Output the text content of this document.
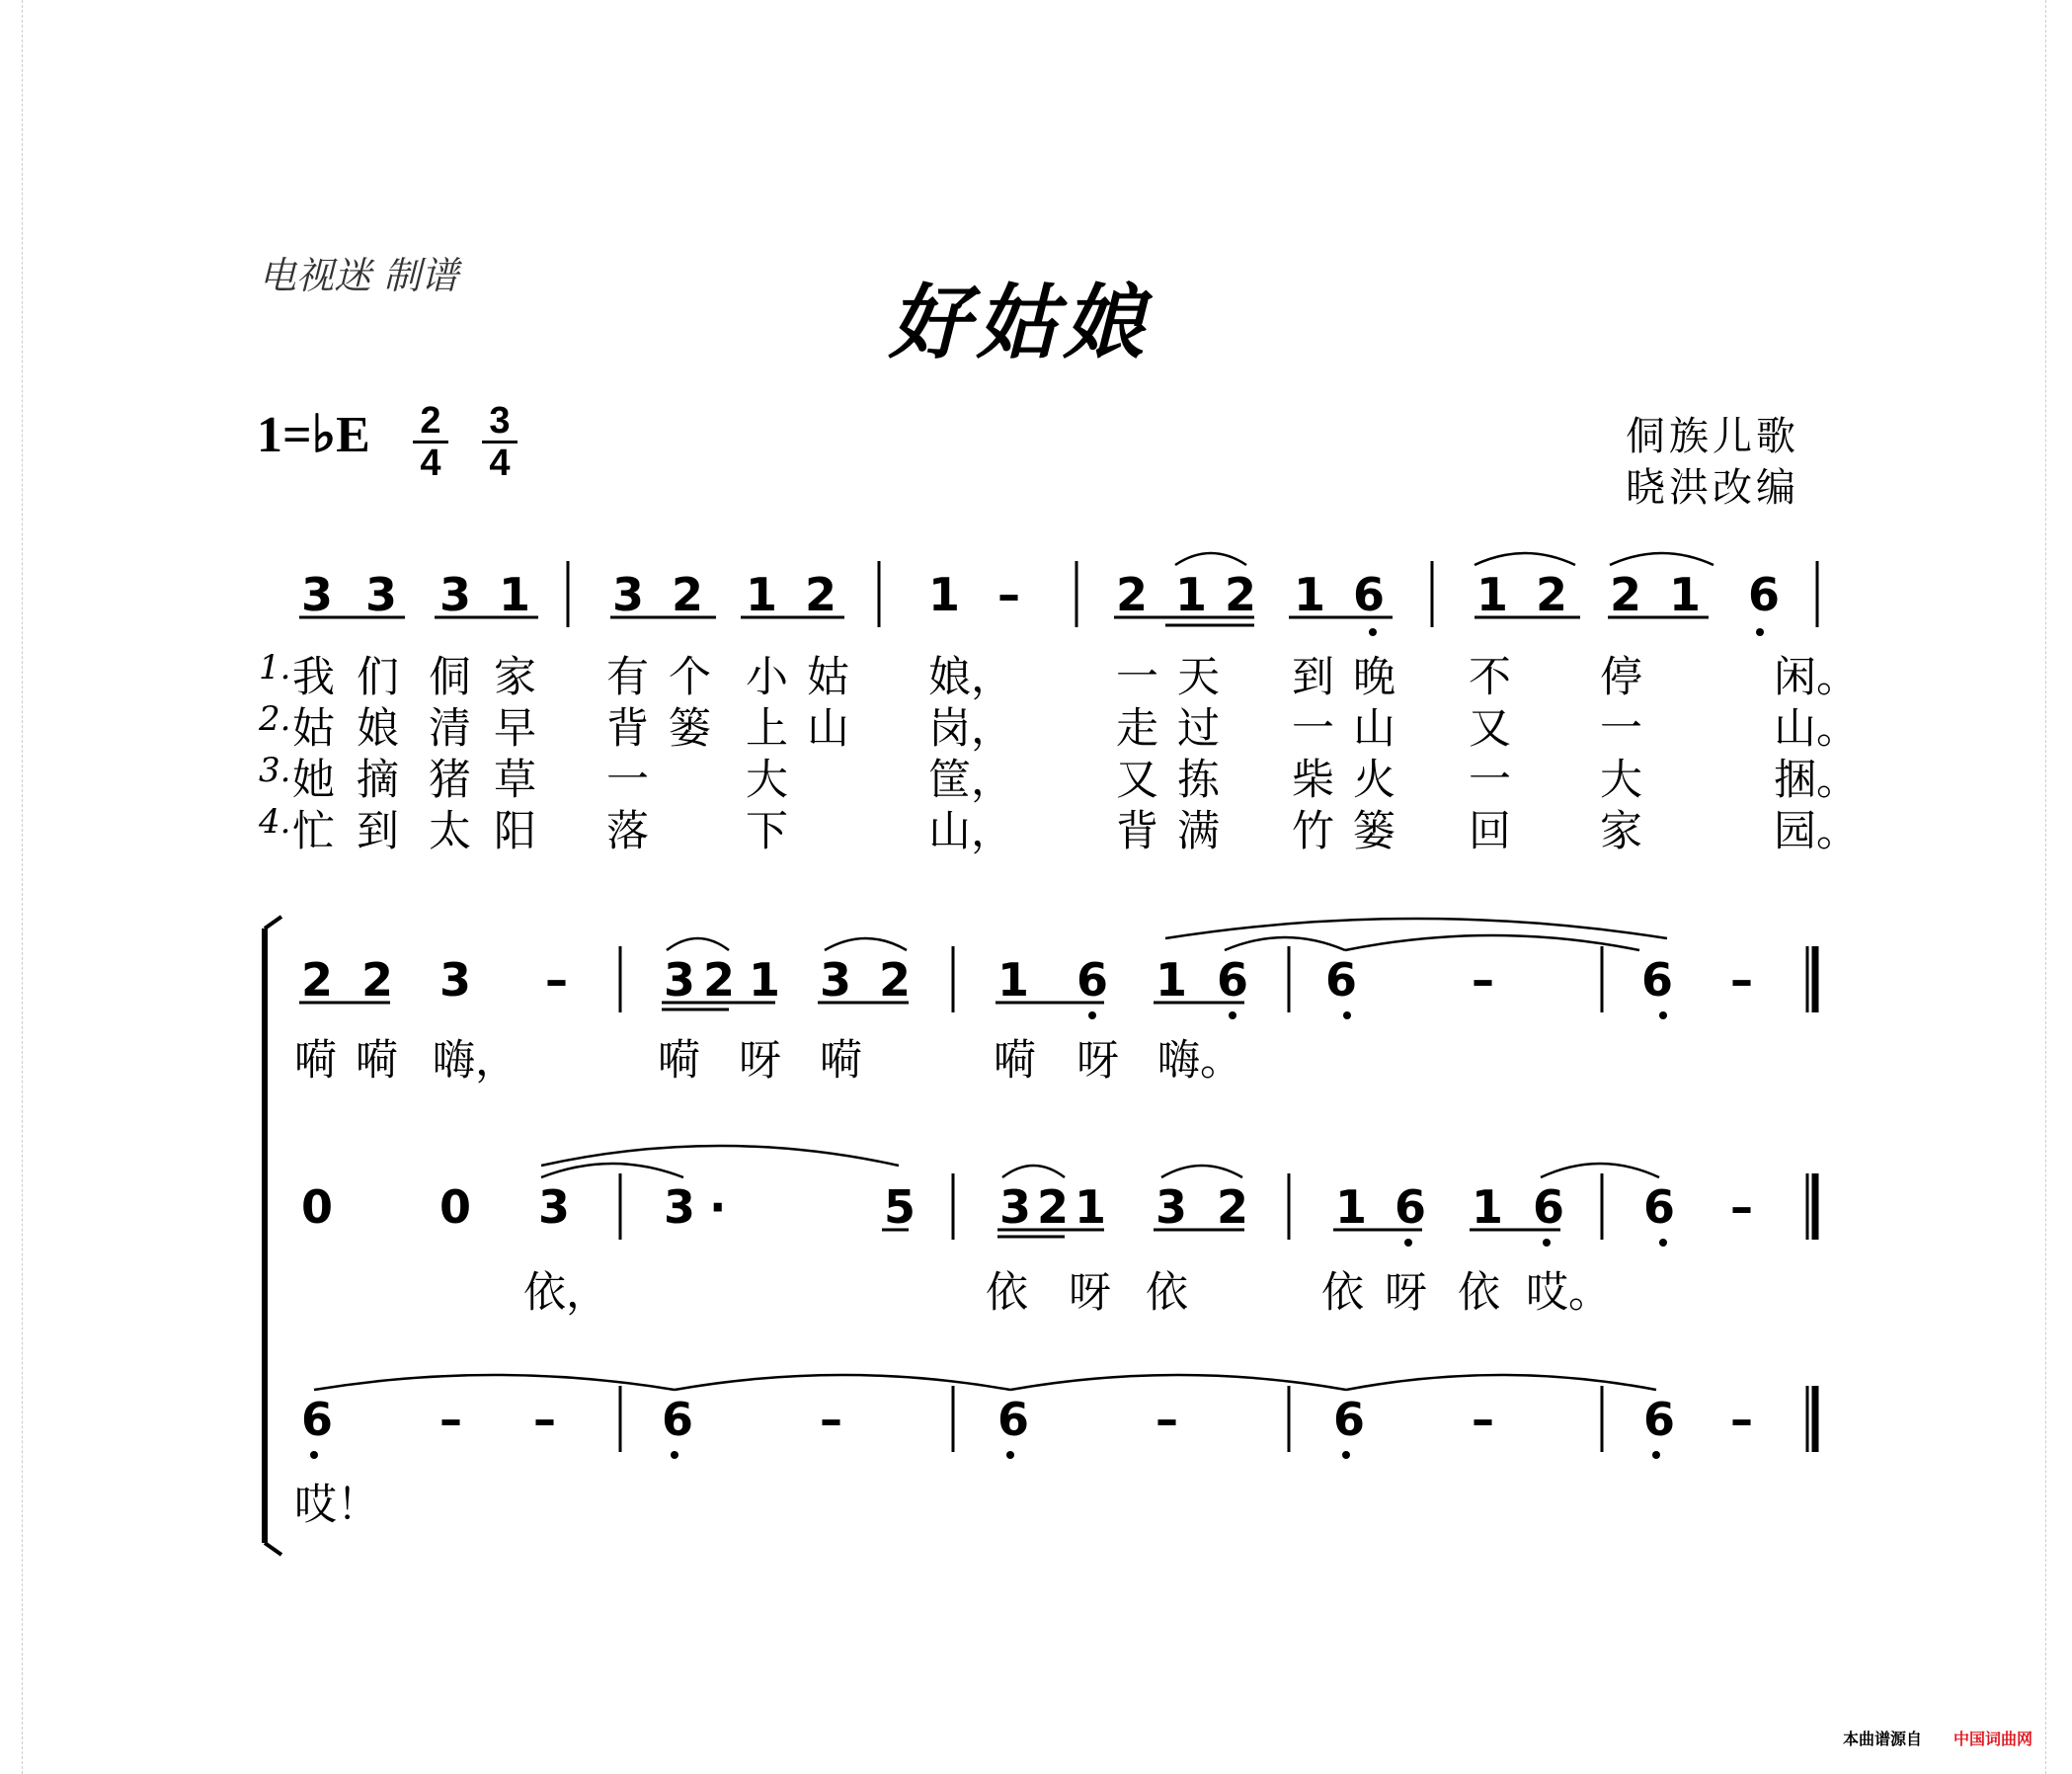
电视迷 制谱	好姑娘
1=♭E 2
4
3
4
侗族儿歌
晓洪改编
3 3 3 1 3 2 1 2 1 – 2 1 2 1 6 1 2 2 1 6
1. 我 们 侗 家 有 个 小 姑 娘， 一 天 到 晚 不 停	闲。
2. 姑 娘 清 早 背 篓 上 山 岗， 走 过 一 山 又 一	山。
3. 她 摘 猪 草 一 大	筐， 又 拣 柴 火 一 大	捆。
4. 忙 到 太 阳 落 下	山， 背 满 竹 篓 回 家	园。
2 2 3 – 3 2 1 3 2 1 6 1 6 6	–	6 –
嗬 嗬 嗨，	嗬 呀 嗬	嗬 呀 嗨。
0 0 3 3 ·	5 3 2 1 3 2 1 6 1 6 6 –
依，	依 呀 依	依 呀 依 哎。
6 – – 6	–	6	–	6 –	6 –
哎！
本曲谱源自 中国词曲网
